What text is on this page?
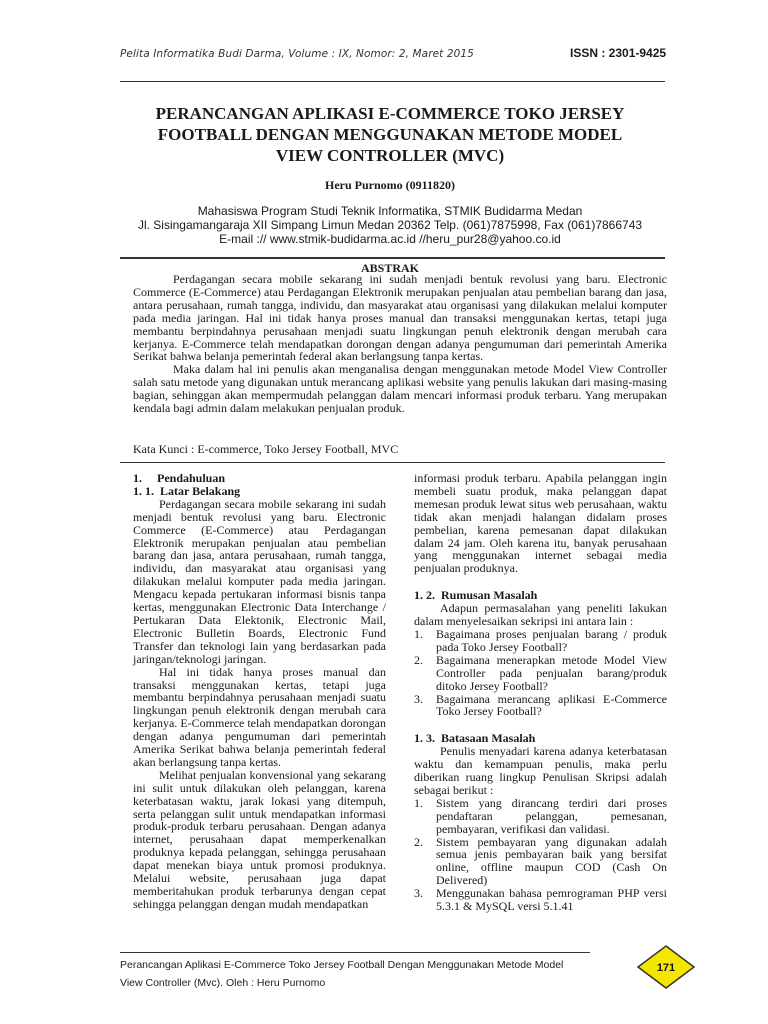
Pelita Informatika Budi Darma, Volume : IX, Nomor: 2, Maret 2015	ISSN : 2301-9425
PERANCANGAN APLIKASI E-COMMERCE TOKO JERSEY
FOOTBALL DENGAN MENGGUNAKAN METODE MODEL
VIEW CONTROLLER (MVC)
Heru Purnomo (0911820)
Mahasiswa Program Studi Teknik Informatika, STMIK Budidarma Medan
Jl. Sisingamangaraja XII Simpang Limun Medan 20362 Telp. (061)7875998, Fax (061)7866743
E-mail :// www.stmik-budidarma.ac.id //heru_pur28@yahoo.co.id
ABSTRAK

Perdagangan secara mobile sekarang ini sudah menjadi bentuk revolusi yang baru. Electronic Commerce (E-Commerce) atau Perdagangan Elektronik merupakan penjualan atau pembelian barang dan jasa, antara perusahaan, rumah tangga, individu, dan masyarakat atau organisasi yang dilakukan melalui komputer pada media jaringan. Hal ini tidak hanya proses manual dan transaksi menggunakan kertas, tetapi juga membantu berpindahnya perusahaan menjadi suatu lingkungan penuh elektronik dengan merubah cara kerjanya. E-Commerce telah mendapatkan dorongan dengan adanya pengumuman dari pemerintah Amerika Serikat bahwa belanja pemerintah federal akan berlangsung tanpa kertas.

Maka dalam hal ini penulis akan menganalisa dengan menggunakan metode Model View Controller salah satu metode yang digunakan untuk merancang aplikasi website yang penulis lakukan dari masing-masing bagian, sehinggan akan mempermudah pelanggan dalam mencari informasi produk terbaru. Yang merupakan kendala bagi admin dalam melakukan penjualan produk.

Kata Kunci : E-commerce, Toko Jersey Football, MVC
1.     Pendahuluan
1. 1.  Latar Belakang

Perdagangan secara mobile sekarang ini sudah menjadi bentuk revolusi yang baru. Electronic Commerce (E-Commerce) atau Perdagangan Elektronik merupakan penjualan atau pembelian barang dan jasa, antara perusahaan, rumah tangga, individu, dan masyarakat atau organisasi yang dilakukan melalui komputer pada media jaringan. Mengacu kepada pertukaran informasi bisnis tanpa kertas, menggunakan Electronic Data Interchange / Pertukaran Data Elektonik, Electronic Mail, Electronic Bulletin Boards, Electronic Fund Transfer dan teknologi lain yang berdasarkan pada jaringan/teknologi jaringan.

Hal ini tidak hanya proses manual dan transaksi menggunakan kertas, tetapi juga membantu berpindahnya perusahaan menjadi suatu lingkungan penuh elektronik dengan merubah cara kerjanya. E-Commerce telah mendapatkan dorongan dengan adanya pengumuman dari pemerintah Amerika Serikat bahwa belanja pemerintah federal akan berlangsung tanpa kertas.

Melihat penjualan konvensional yang sekarang ini sulit untuk dilakukan oleh pelanggan, karena keterbatasan waktu, jarak lokasi yang ditempuh, serta pelanggan sulit untuk mendapatkan informasi produk-produk terbaru perusahaan. Dengan adanya internet, perusahaan dapat memperkenalkan produknya kepada pelanggan, sehingga perusahaan dapat menekan biaya untuk promosi produknya. Melalui website, perusahaan juga dapat memberitahukan produk terbarunya dengan cepat sehingga pelanggan dengan mudah mendapatkan

informasi produk terbaru. Apabila pelanggan ingin membeli suatu produk, maka pelanggan dapat memesan produk lewat situs web perusahaan, waktu tidak akan menjadi halangan didalam proses pembelian, karena pemesanan dapat dilakukan dalam 24 jam. Oleh karena itu, banyak perusahaan yang menggunakan internet sebagai media penjualan produknya.

1. 2.  Rumusan Masalah

Adapun permasalahan yang peneliti lakukan dalam menyelesaikan sekripsi ini antara lain :

1. Bagaimana proses penjualan barang / produk pada Toko Jersey Football?
2. Bagaimana menerapkan metode Model View Controller pada penjualan barang/produk ditoko Jersey Football?
3. Bagaimana merancang aplikasi E-Commerce Toko Jersey Football?
1. 3.  Batasaan Masalah

Penulis menyadari karena adanya keterbatasan waktu dan kemampuan penulis, maka perlu diberikan ruang lingkup Penulisan Skripsi adalah sebagai berikut :

1. Sistem yang dirancang terdiri dari proses pendaftaran pelanggan, pemesanan, pembayaran, verifikasi dan validasi.
2. Sistem pembayaran yang digunakan adalah semua jenis pembayaran baik yang bersifat online, offline maupun COD (Cash On Delivered)
3. Menggunakan bahasa pemrograman PHP versi 5.3.1 & MySQL versi 5.1.41
Perancangan Aplikasi E-Commerce Toko Jersey Football Dengan Menggunakan Metode Model
View Controller (Mvc). Oleh : Heru Purnomo
171
